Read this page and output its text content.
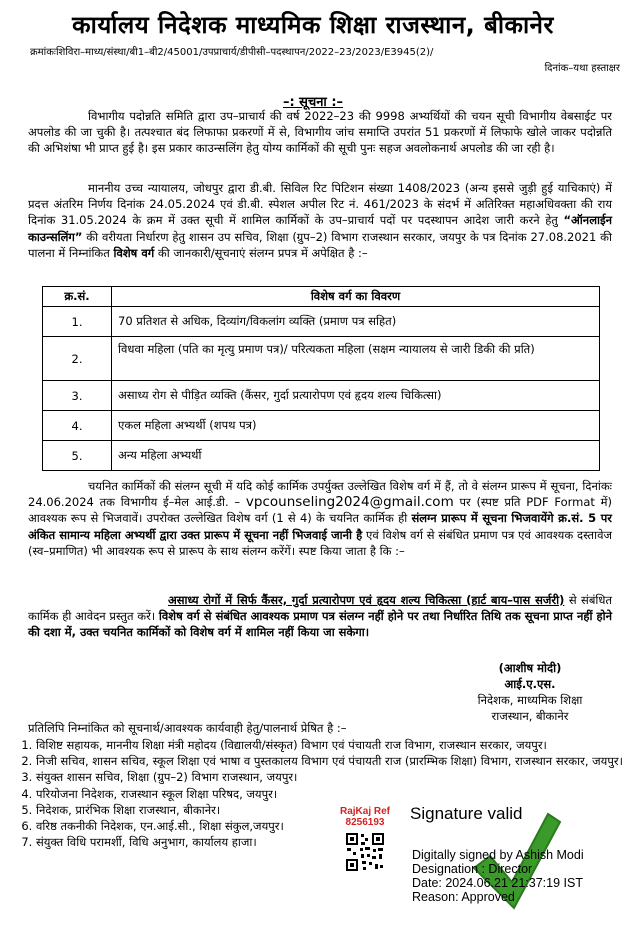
कार्यालय निदेशक माध्यमिक शिक्षा राजस्थान, बीकानेर
क्रमांकःशिविरा–माध्य/संस्था/बी1–बी2/45001/उपप्राचार्य/डीपीसी–पदस्थापन/2022–23/2023/E3945(2)/
दिनांक–यथा हस्ताक्षर
–: सूचना :–
विभागीय पदोन्नति समिति द्वारा उप–प्राचार्य की वर्ष 2022–23 की 9998 अभ्यर्थियों की चयन सूची विभागीय वेबसाईट पर अपलोड की जा चुकी है। तत्पश्चात बंद लिफाफा प्रकरणों में से, विभागीय जांच समाप्ति उपरांत 51 प्रकरणों में लिफाफे खोले जाकर पदोन्नति की अभिशंषा भी प्राप्त हुई है। इस प्रकार काउन्सलिंग हेतु योग्य कार्मिकों की सूची पुनः सहज अवलोकनार्थ अपलोड की जा रही है।
माननीय उच्च न्यायालय, जोधपुर द्वारा डी.बी. सिविल रिट पिटिशन संख्या 1408/2023 (अन्य इससे जुड़ी हुई याचिकाएं) में प्रदत्त अंतरिम निर्णय दिनांक 24.05.2024 एवं डी.बी. स्पेशल अपील रिट नं. 461/2023 के संदर्भ में अतिरिक्त महाअधिवक्ता की राय दिनांक 31.05.2024 के क्रम में उक्त सूची में शामिल कार्मिकों के उप–प्राचार्य पदों पर पदस्थापन आदेश जारी करने हेतु “ऑनलाईन काउन्सलिंग” की वरीयता निर्धारण हेतु शासन उप सचिव, शिक्षा (ग्रुप–2) विभाग राजस्थान सरकार, जयपुर के पत्र दिनांक 27.08.2021 की पालना में निम्नांकित विशेष वर्ग की जानकारी/सूचनाएं संलग्न प्रपत्र में अपेक्षित है :–
क्र.सं.	विशेष वर्ग का विवरण
1.	70 प्रतिशत से अधिक, दिव्यांग/विकलांग व्यक्ति (प्रमाण पत्र सहित)
2.	विधवा महिला (पति का मृत्यु प्रमाण पत्र)/ परित्यकता महिला (सक्षम न्यायालय से जारी डिकी की प्रति)
3.	असाध्य रोग से पीड़ित व्यक्ति (कैंसर, गुर्दा प्रत्यारोपण एवं हृदय शल्य चिकित्सा)
4.	एकल महिला अभ्यर्थी (शपथ पत्र)
5.	अन्य महिला अभ्यर्थी
चयनित कार्मिकों की संलग्न सूची में यदि कोई कार्मिक उपर्युक्त उल्लेखित विशेष वर्ग में हैं, तो वे संलग्न प्रारूप में सूचना, दिनांकः 24.06.2024 तक विभागीय ई–मेल आई.डी. – vpcounseling2024@gmail.com पर (स्पष्ट प्रति PDF Format में) आवश्यक रूप से भिजवावें। उपरोक्त उल्लेखित विशेष वर्ग (1 से 4) के चयनित कार्मिक ही संलग्न प्रारूप में सूचना भिजवायेंगे क्र.सं. 5 पर अंकित सामान्य महिला अभ्यर्थी द्वारा उक्त प्रारूप में सूचना नहीं भिजवाई जानी है एवं विशेष वर्ग से संबंधित प्रमाण पत्र एवं आवश्यक दस्तावेज (स्व–प्रमाणित) भी आवश्यक रूप से प्रारूप के साथ संलग्न करेंगें। स्पष्ट किया जाता है कि :–
असाध्य रोगों में सिर्फ कैंसर, गुर्दा प्रत्यारोपण एवं हृदय शल्य चिकित्सा (हार्ट बाय–पास सर्जरी) से संबंधित कार्मिक ही आवेदन प्रस्तुत करें। विशेष वर्ग से संबंधित आवश्यक प्रमाण पत्र संलग्न नहीं होने पर तथा निर्धारित तिथि तक सूचना प्राप्त नहीं होने की दशा में, उक्त चयनित कार्मिकों को विशेष वर्ग में शामिल नहीं किया जा सकेगा।
(आशीष मोदी)
आई.ए.एस.
निदेशक, माध्यमिक शिक्षा
राजस्थान, बीकानेर
प्रतिलिपि निम्नांकित को सूचनार्थ/आवश्यक कार्यवाही हेतु/पालनार्थ प्रेषित है :–
1. विशिष्ट सहायक, माननीय शिक्षा मंत्री महोदय (विद्यालयी/संस्कृत) विभाग एवं पंचायती राज विभाग, राजस्थान सरकार, जयपुर।
2. निजी सचिव, शासन सचिव, स्कूल शिक्षा एवं भाषा व पुस्तकालय विभाग एवं पंचायती राज (प्रारम्भिक शिक्षा) विभाग, राजस्थान सरकार, जयपुर।
3. संयुक्त शासन सचिव, शिक्षा (ग्रुप–2) विभाग राजस्थान, जयपुर।
4. परियोजना निदेशक, राजस्थान स्कूल शिक्षा परिषद, जयपुर।
5. निदेशक, प्रारंभिक शिक्षा राजस्थान, बीकानेर।
6. वरिष्ठ तकनीकी निदेशक, एन.आई.सी., शिक्षा संकुल,जयपुर।
7. संयुक्त विधि परामर्शी, विधि अनुभाग, कार्यालय हाजा।
RajKaj Ref
8256193	Signature valid
Digitally signed by Ashish Modi
Designation : Director
Date: 2024.06.21 21:37:19 IST
Reason: Approved
